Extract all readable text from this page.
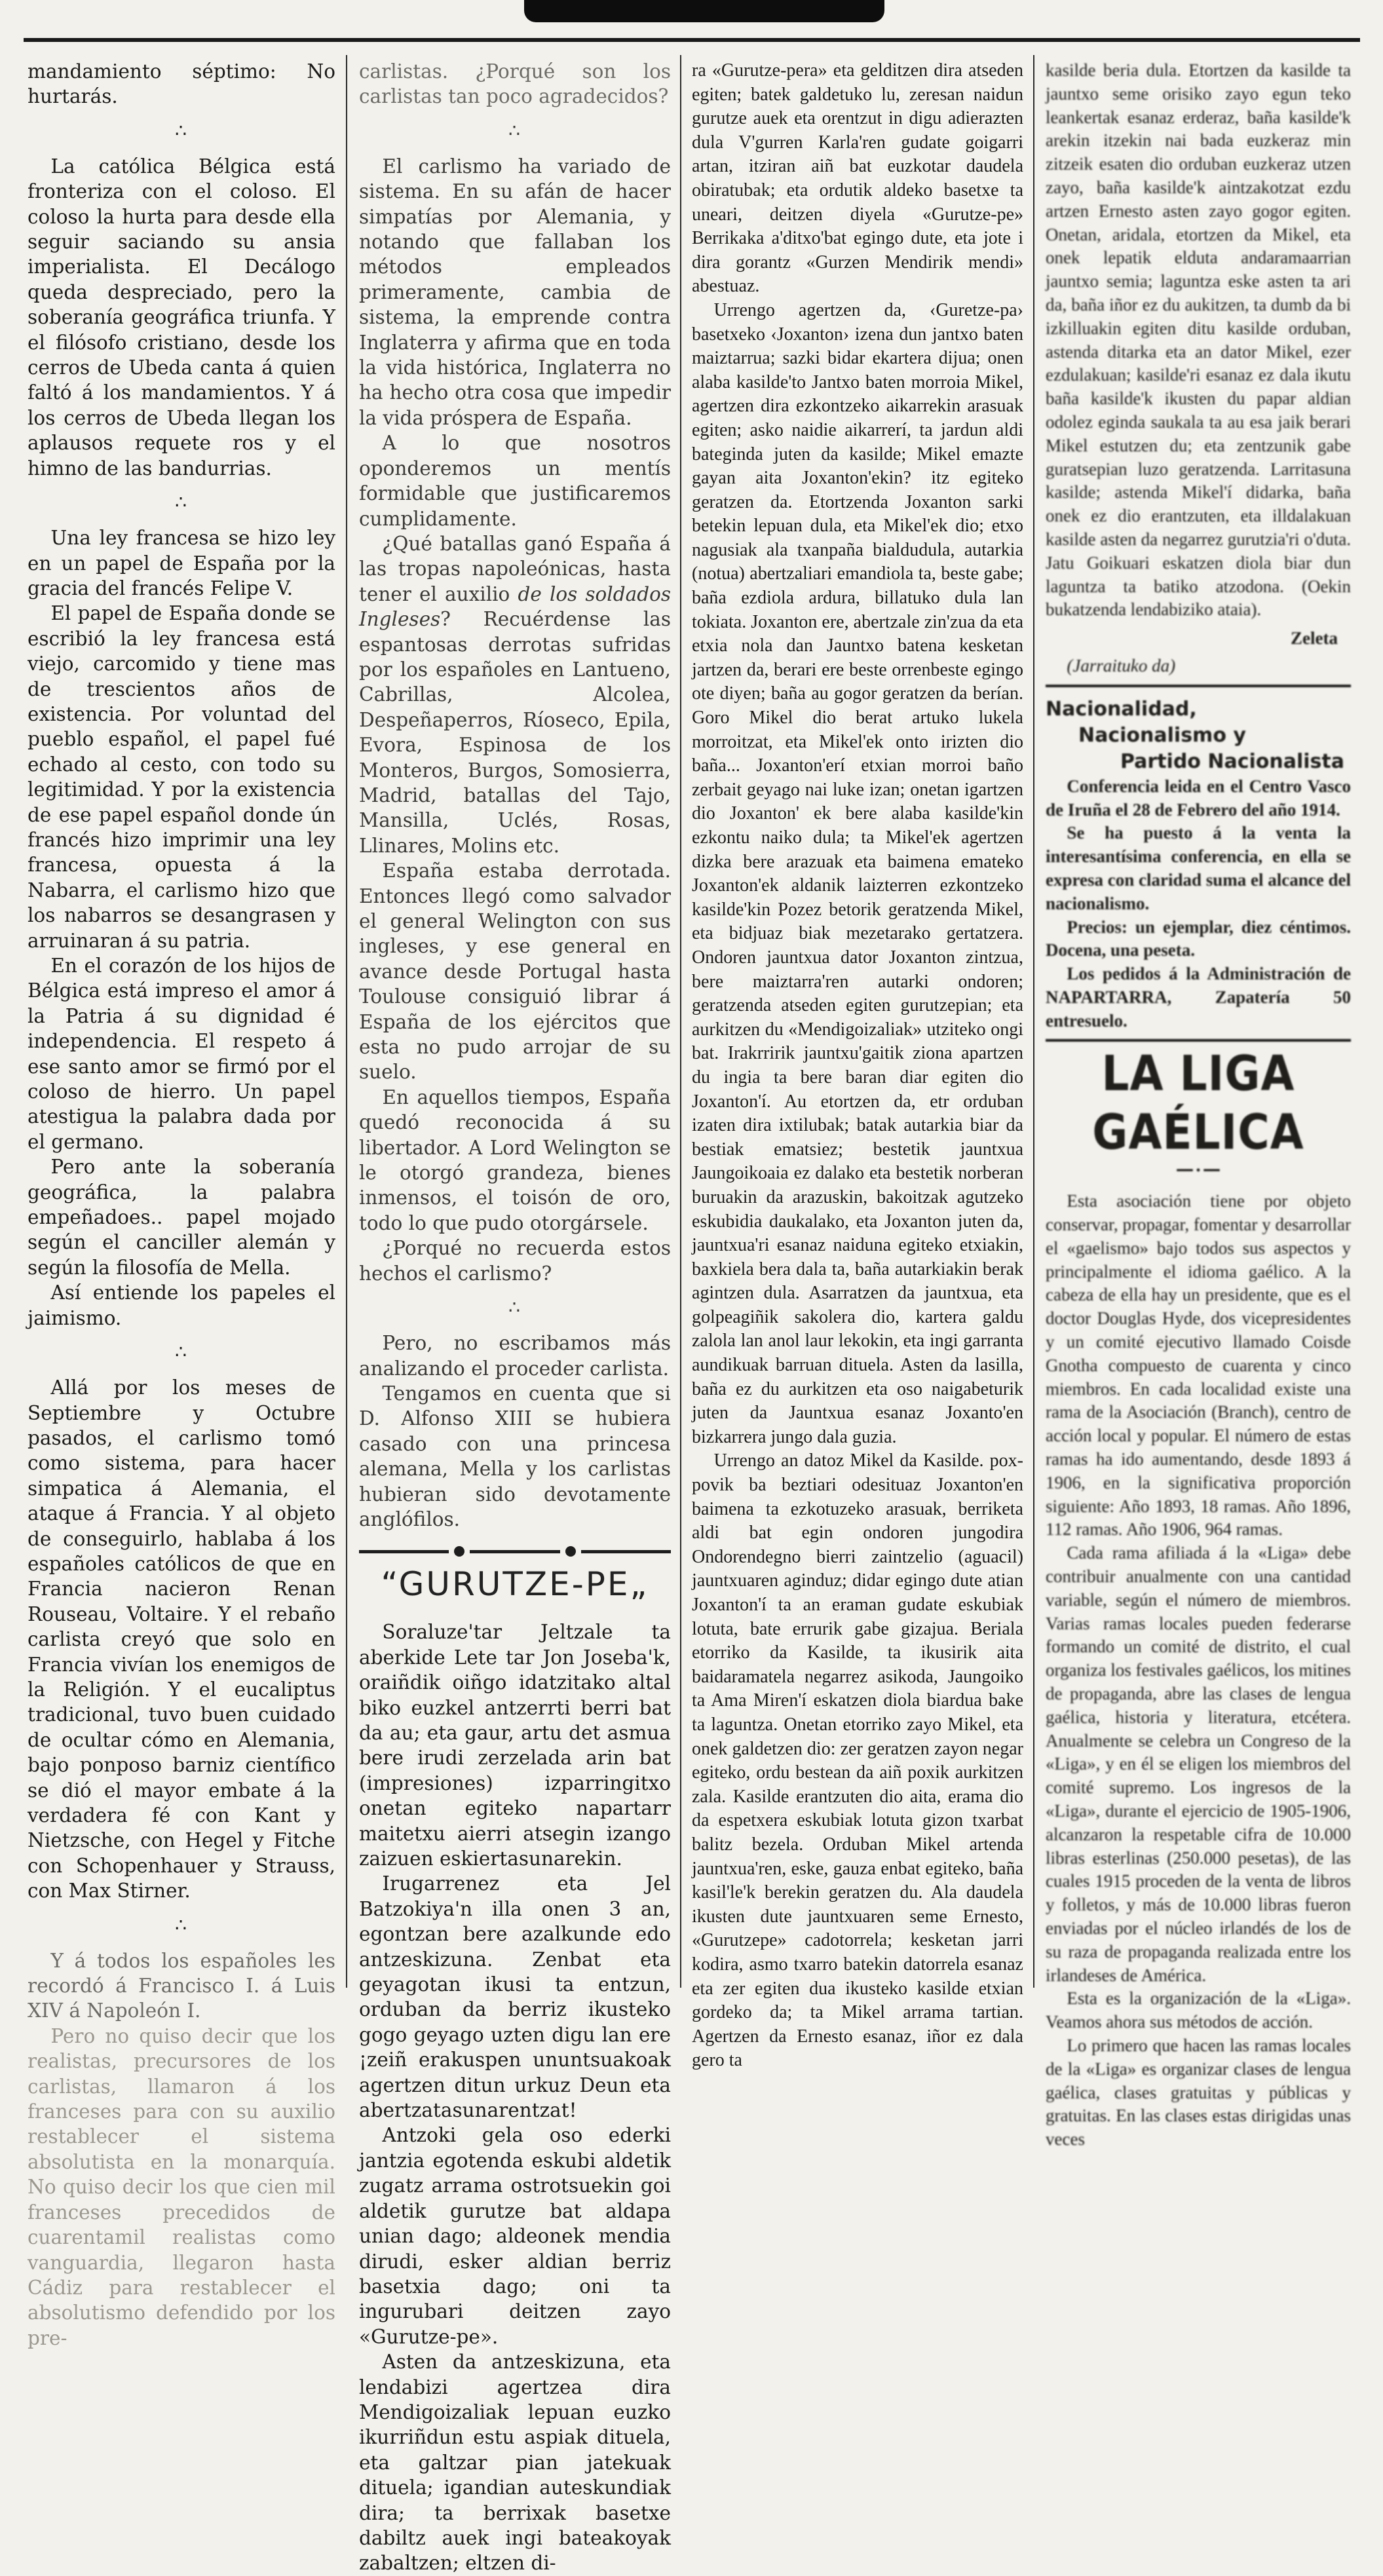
mandamiento séptimo: No hurtarás.

∴

La católica Bélgica está fronteriza con el coloso. El coloso la hurta para desde ella seguir saciando su ansia imperialista. El Decálogo queda despreciado, pero la soberanía geográfica triunfa. Y el filósofo cristiano, desde los cerros de Ubeda canta á quien faltó á los mandamientos. Y á los cerros de Ubeda llegan los aplausos requete ros y el himno de las bandurrias.

∴

Una ley francesa se hizo ley en un papel de España por la gracia del francés Felipe V.

El papel de España donde se escribió la ley francesa está viejo, carcomido y tiene mas de trescientos años de existencia. Por voluntad del pueblo español, el papel fué echado al cesto, con todo su legitimidad. Y por la existencia de ese papel español donde ún francés hizo imprimir una ley francesa, opuesta á la Nabarra, el carlismo hizo que los nabarros se desangrasen y arruinaran á su patria.

En el corazón de los hijos de Bélgica está impreso el amor á la Patria á su dignidad é independencia. El respeto á ese santo amor se firmó por el coloso de hierro. Un papel atestigua la palabra dada por el germano.

Pero ante la soberanía geográfica, la palabra empeñadoes.. papel mojado según el canciller alemán y según la filosofía de Mella.

Así entiende los papeles el jaimismo.

∴

Allá por los meses de Septiembre y Octubre pasados, el carlismo tomó como sistema, para hacer simpatica á Alemania, el ataque á Francia. Y al objeto de conseguirlo, hablaba á los españoles católicos de que en Francia nacieron Renan Rouseau, Voltaire. Y el rebaño carlista creyó que solo en Francia vivían los enemigos de la Religión. Y el eucaliptus tradicional, tuvo buen cuidado de ocultar cómo en Alemania, bajo ponposo barniz científico se dió el mayor embate á la verdadera fé con Kant y Nietzsche, con Hegel y Fitche con Schopenhauer y Strauss, con Max Stirner.

∴

Y á todos los españoles les recordó á Francisco I. á Luis XIV á Napoleón I.

Pero no quiso decir que los realistas, precursores de los carlistas, llamaron á los franceses para con su auxilio restablecer el sistema absolutista en la monarquía. No quiso decir los que cien mil franceses precedidos de cuarentamil realistas como vanguardia, llegaron hasta Cádiz para restablecer el absolutismo defendido por los pre-

carlistas. ¿Porqué son los carlistas tan poco agradecidos?

∴

El carlismo ha variado de sistema. En su afán de hacer simpatías por Alemania, y notando que fallaban los métodos empleados primeramente, cambia de sistema, la emprende contra Inglaterra y afirma que en toda la vida histórica, Inglaterra no ha hecho otra cosa que impedir la vida próspera de España.

A lo que nosotros oponderemos un mentís formidable que justificaremos cumplidamente.

¿Qué batallas ganó España á las tropas napoleónicas, hasta tener el auxilio de los soldados Ingleses? Recuérdense las espantosas derrotas sufridas por los españoles en Lantueno, Cabrillas, Alcolea, Despeñaperros, Ríoseco, Epila, Evora, Espinosa de los Monteros, Burgos, Somosierra, Madrid, batallas del Tajo, Mansilla, Uclés, Rosas, Llinares, Molins etc.

España estaba derrotada. Entonces llegó como salvador el general Welington con sus ingleses, y ese general en avance desde Portugal hasta Toulouse consiguió librar á España de los ejércitos que esta no pudo arrojar de su suelo.

En aquellos tiempos, España quedó reconocida á su libertador. A Lord Welington se le otorgó grandeza, bienes inmensos, el toisón de oro, todo lo que pudo otorgársele.

¿Porqué no recuerda estos hechos el carlismo?

∴

Pero, no escribamos más analizando el proceder carlista.

Tengamos en cuenta que si D. Alfonso XIII se hubiera casado con una princesa alemana, Mella y los carlistas hubieran sido devotamente anglófilos.

“GURUTZE-PE„

Soraluze'tar Jeltzale ta aberkide Lete tar Jon Joseba'k, oraiñdik oiñgo idatzitako altal biko euzkel antzerrti berri bat da au; eta gaur, artu det asmua bere irudi zerzelada arin bat (impresiones) izparringitxo onetan egiteko napartarr maitetxu aierri atsegin izango zaizuen eskiertasunarekin.

Irugarrenez eta Jel Batzokiya'n illa onen 3 an, egontzan bere azalkunde edo antzeskizuna. Zenbat eta geyagotan ikusi ta entzun, orduban da berriz ikusteko gogo geyago uzten digu lan ere ¡zeiñ erakuspen ununtsuakoak agertzen ditun urkuz Deun eta abertzatasunarentzat!

Antzoki gela oso ederki jantzia egotenda eskubi aldetik zugatz arrama ostrotsuekin goi aldetik gurutze bat aldapa unian dago; aldeonek mendia dirudi, esker aldian berriz basetxia dago; oni ta ingurubari deitzen zayo «Gurutze-pe».

Asten da antzeskizuna, eta lendabizi agertzea dira Mendigoizaliak lepuan euzko ikurriñdun estu aspiak dituela, eta galtzar pian jatekuak dituela; igandian auteskundiak dira; ta berrixak basetxe dabiltz auek ingi bateakoyak zabaltzen; eltzen di-

ra «Gurutze-pera» eta gelditzen dira atseden egiten; batek galdetuko lu, zeresan naidun gurutze auek eta orentzut in digu adierazten dula V'gurren Karla'ren gudate goigarri artan, itziran aiñ bat euzkotar daudela obiratubak; eta ordutik aldeko basetxe ta uneari, deitzen diyela «Gurutze-pe» Berrikaka a'ditxo'bat egingo dute, eta jote i dira gorantz «Gurzen Mendirik mendi» abestuaz.

Urrengo agertzen da, ‹Guretze-pa› basetxeko ‹Joxanton› izena dun jantxo baten maiztarrua; sazki bidar ekartera dijua; onen alaba kasilde'to Jantxo baten morroia Mikel, agertzen dira ezkontzeko aikarrekin arasuak egiten; asko naidie aikarrerí, ta jardun aldi bateginda juten da kasilde; Mikel emazte gayan aita Joxanton'ekin? itz egiteko geratzen da. Etortzenda Joxanton sarki betekin lepuan dula, eta Mikel'ek dio; etxo nagusiak ala txanpaña bialdudula, autarkia (notua) abertzaliari emandiola ta, beste gabe; baña ezdiola ardura, billatuko dula lan tokiata. Joxanton ere, abertzale zin'zua da eta etxia nola dan Jauntxo batena kesketan jartzen da, berari ere beste orrenbeste egingo ote diyen; baña au gogor geratzen da berían. Goro Mikel dio berat artuko lukela morroitzat, eta Mikel'ek onto irizten dio baña... Joxanton'erí etxian morroi baño zerbait geyago nai luke izan; onetan igartzen dio Joxanton' ek bere alaba kasilde'kin ezkontu naiko dula; ta Mikel'ek agertzen dizka bere arazuak eta baimena emateko Joxanton'ek aldanik laizterren ezkontzeko kasilde'kin Pozez betorik geratzenda Mikel, eta bidjuaz biak mezetarako gertatzera. Ondoren jauntxua dator Joxanton zintzua, bere maiztarra'ren autarki ondoren; geratzenda atseden egiten gurutzepian; eta aurkitzen du «Mendigoizaliak» utziteko ongi bat. Irakrririk jauntxu'gaitik ziona apartzen du ingia ta bere baran diar egiten dio Joxanton'í. Au etortzen da, etr orduban izaten dira ixtilubak; batak autarkia biar da bestiak ematsiez; bestetik jauntxua Jaungoikoaia ez dalako eta bestetik norberan buruakin da arazuskin, bakoitzak agutzeko eskubidia daukalako, eta Joxanton juten da, jauntxua'ri esanaz naiduna egiteko etxiakin, baxkiela bera dala ta, baña autarkiakin berak agintzen dula. Asarratzen da jauntxua, eta golpeagiñik sakolera dio, kartera galdu zalola lan anol laur lekokin, eta ingi garranta aundikuak barruan dituela. Asten da lasilla, baña ez du aurkitzen eta oso naigabeturik juten da Jauntxua esanaz Joxanto'en bizkarrera jungo dala guzia.

Urrengo an datoz Mikel da Kasilde. pox-povik ba beztiari odesituaz Joxanton'en baimena ta ezkotuzeko arasuak, berriketa aldi bat egin ondoren jungodira Ondorendegno bierri zaintzelio (aguacil) jauntxuaren aginduz; didar egingo dute atian Joxanton'í ta an eraman gudate eskubiak lotuta, bate errurik gabe gizajua. Beriala etorriko da Kasilde, ta ikusirik aita baidaramatela negarrez asikoda, Jaungoiko ta Ama Miren'í eskatzen diola biardua bake ta laguntza. Onetan etorriko zayo Mikel, eta onek galdetzen dio: zer geratzen zayon negar egiteko, ordu bestean da aiñ poxik aurkitzen zala. Kasilde erantzuten dio aita, erama dio da espetxera eskubiak lotuta gizon txarbat balitz bezela. Orduban Mikel artenda jauntxua'ren, eske, gauza enbat egiteko, baña kasil'le'k berekin geratzen du. Ala daudela ikusten dute jauntxuaren seme Ernesto, «Gurutzepe» cadotorrela; kesketan jarri kodira, asmo txarro batekin datorrela esanaz eta zer egiten dua ikusteko kasilde etxian gordeko da; ta Mikel arrama tartian. Agertzen da Ernesto esanaz, iñor ez dala gero ta

kasilde beria dula. Etortzen da kasilde ta jauntxo seme orisiko zayo egun teko leankertak esanaz erderaz, baña kasilde'k arekin itzekin nai bada euzkeraz min zitzeik esaten dio orduban euzkeraz utzen zayo, baña kasilde'k aintzakotzat ezdu artzen Ernesto asten zayo gogor egiten. Onetan, aridala, etortzen da Mikel, eta onek lepatik elduta andaramaarrian jauntxo semia; laguntza eske asten ta ari da, baña iñor ez du aukitzen, ta dumb da bi izkilluakin egiten ditu kasilde orduban, astenda ditarka eta an dator Mikel, ezer ezdulakuan; kasilde'ri esanaz ez dala ikutu baña kasilde'k ikusten du papar aldian odolez eginda saukala ta au esa jaik berari Mikel estutzen du; eta zentzunik gabe guratsepian luzo geratzenda. Larritasuna kasilde; astenda Mikel'í didarka, baña onek ez dio erantzuten, eta illdalakuan kasilde asten da negarrez gurutzia'ri o'duta. Jatu Goikuari eskatzen diola biar dun laguntza ta batiko atzodona. (Oekin bukatzenda lendabiziko ataia).

Zeleta

(Jarraituko da)

Nacionalidad,
Nacionalismo y
Partido Nacionalista

Conferencia leida en el Centro Vasco de Iruña el 28 de Febrero del año 1914.

Se ha puesto á la venta la interesantísima conferencia, en ella se expresa con claridad suma el alcance del nacionalismo.

Precios: un ejemplar, diez céntimos. Docena, una peseta.

Los pedidos á la Administración de NAPARTARRA, Zapatería 50 entresuelo.

LA LIGA GAÉLICA
━━ • ━━

Esta asociación tiene por objeto conservar, propagar, fomentar y desarrollar el «gaelismo» bajo todos sus aspectos y principalmente el idioma gaélico. A la cabeza de ella hay un presidente, que es el doctor Douglas Hyde, dos vicepresidentes y un comité ejecutivo llamado Coisde Gnotha compuesto de cuarenta y cinco miembros. En cada localidad existe una rama de la Asociación (Branch), centro de acción local y popular. El número de estas ramas ha ido aumentando, desde 1893 á 1906, en la significativa proporción siguiente: Año 1893, 18 ramas. Año 1896, 112 ramas. Año 1906, 964 ramas.

Cada rama afiliada á la «Liga» debe contribuir anualmente con una cantidad variable, según el número de miembros. Varias ramas locales pueden federarse formando un comité de distrito, el cual organiza los festivales gaélicos, los mitines de propaganda, abre las clases de lengua gaélica, historia y literatura, etcétera. Anualmente se celebra un Congreso de la «Liga», y en él se eligen los miembros del comité supremo. Los ingresos de la «Liga», durante el ejercicio de 1905-1906, alcanzaron la respetable cifra de 10.000 libras esterlinas (250.000 pesetas), de las cuales 1915 proceden de la venta de libros y folletos, y más de 10.000 libras fueron enviadas por el núcleo irlandés de los de su raza de propaganda realizada entre los irlandeses de América.

Esta es la organización de la «Liga». Veamos ahora sus métodos de acción.

Lo primero que hacen las ramas locales de la «Liga» es organizar clases de lengua gaélica, clases gratuitas y públicas y gratuitas. En las clases estas dirigidas unas veces
